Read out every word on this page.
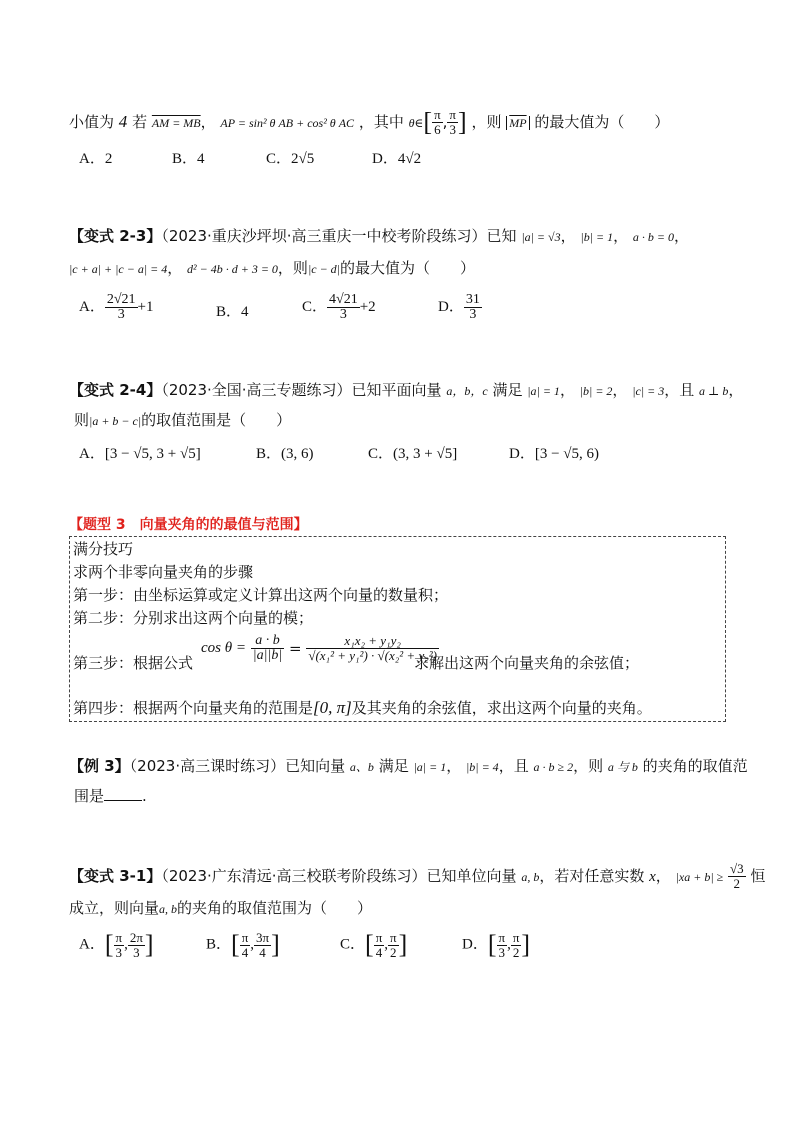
小值为 4 若 AM = MB， AP = sin² θ AB + cos² θ AC ，其中 θ∈[ $\frac{\pi}{6}$ , $\frac{\pi}{3}$ ] ，则 $\overline{MP}$ 的最大值为（　　）
A．2	B．4	C．2√5	D．4√2
【变式 2-3】（2023·重庆沙坪坝·高三重庆一中校考阶段练习）已知 |a| = √3， |b| = 1， a · b = 0，
|c + a| + |c − a| = 4， d² − 4b · d + 3 = 0，则|c − d|的最大值为（　　）
A． $\frac{2√21}{3} +1$	B．4	C． $\frac{4√21}{3} +2$	D． $\frac{31}{3}$
【变式 2-4】（2023·全国·高三专题练习）已知平面向量 a，b，c 满足 |a| = 1， |b| = 2， |c| = 3，且 a ⊥ b，
则|a + b − c|的取值范围是（　　）
A．[3 − √5, 3 + √5]	B．(3, 6)	C．(3, 3 + √5]	D．[3 − √5, 6)
【题型 3　向量夹角的的最值与范围】
满分技巧
求两个非零向量夹角的步骤
第一步：由坐标运算或定义计算出这两个向量的数量积；
第二步：分别求出这两个向量的模；
第三步：根据公式
$\cos \theta = \frac{a \cdot b}{|a||b|} = \frac{\text{x₁x₂ + y₁y₂}}{\text{√(x₁² + y₁²) · √(x₂² + y₂²)}}$
求解出这两个向量夹角的余弦值；
第四步：根据两个向量夹角的范围是[0, π]及其夹角的余弦值，求出这两个向量的夹角。
【例 3】（2023·高三课时练习）已知向量 a、b 满足 |a| = 1， |b| = 4，且 a · b ≥ 2，则 a 与 b 的夹角的取值范
围是	.
【变式 3-1】（2023·广东清远·高三校联考阶段练习）已知单位向量 a, b，若对任意实数 x， $|xa + b| \ge \frac{√3}{2}$ 恒
成立，则向量a, b的夹角的取值范围为（　　）
A．[ $\frac{\pi}{3}$ , $\frac{2\pi}{3}$ ]	B．[ $\frac{\pi}{4}$ , $\frac{3\pi}{4}$ ]	C．[ $\frac{\pi}{4}$ , $\frac{\pi}{2}$ ]	D．[ $\frac{\pi}{3}$ , $\frac{\pi}{2}$ ]
